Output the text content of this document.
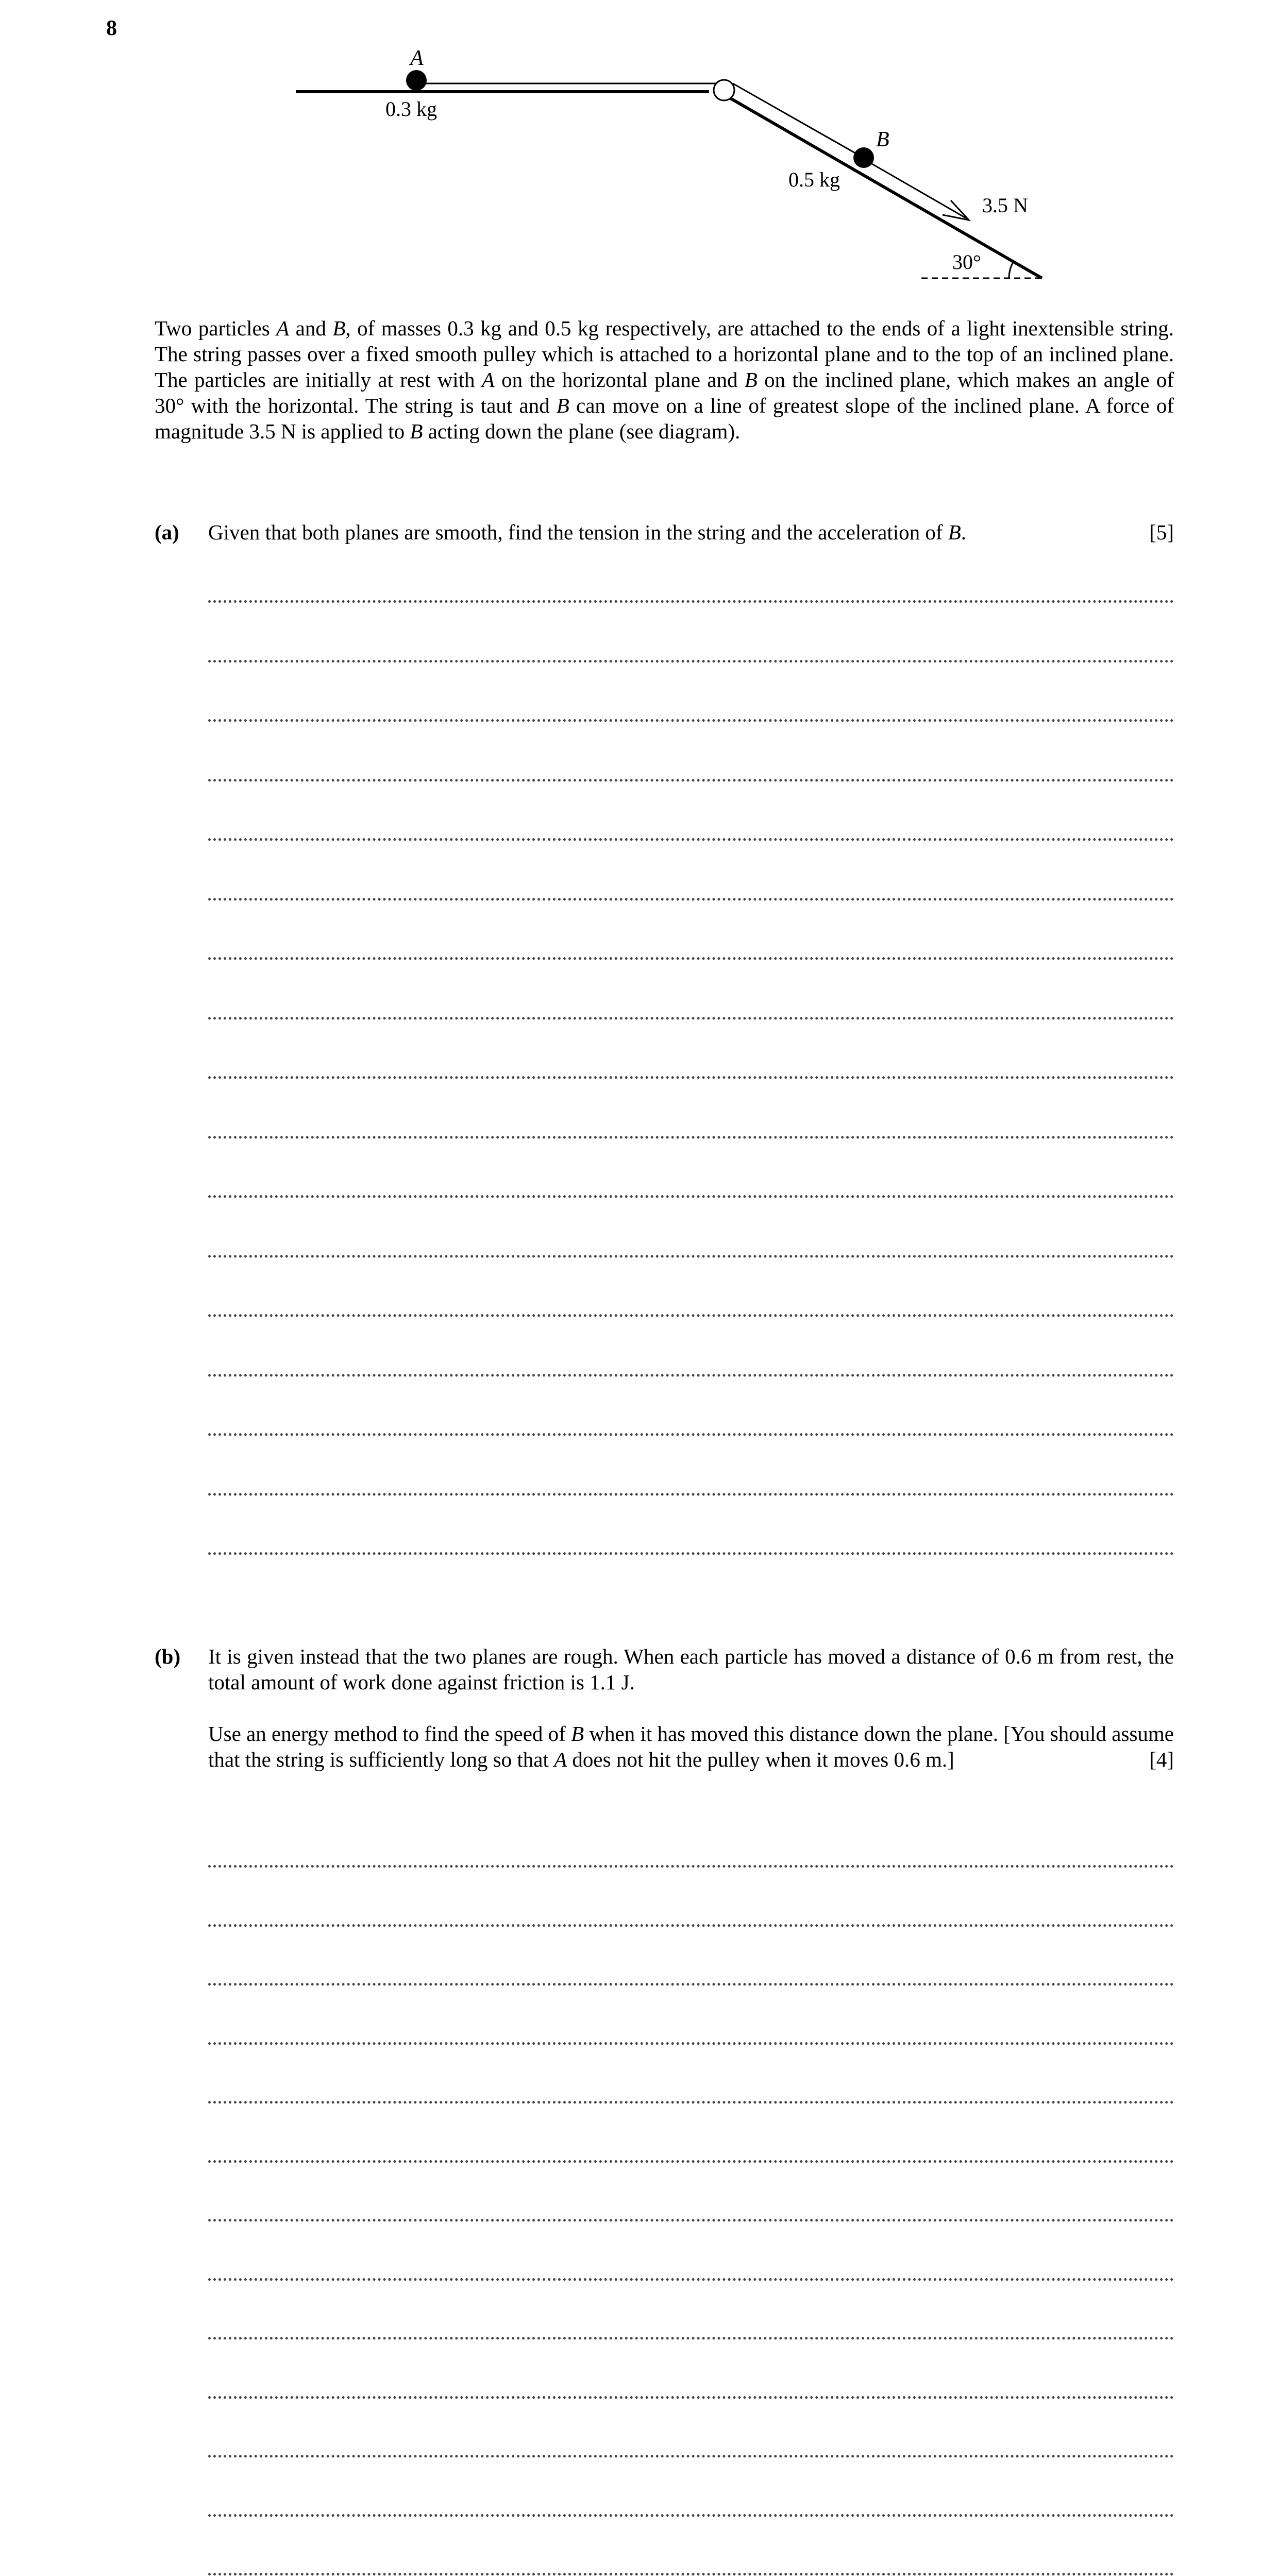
8
A
0.3 kg
B
0.5 kg
3.5 N
30°

Two particles A and B, of masses 0.3 kg and 0.5 kg respectively, are attached to the ends of a light inextensible string. The string passes over a fixed smooth pulley which is attached to a horizontal plane and to the top of an inclined plane. The particles are initially at rest with A on the horizontal plane and B on the inclined plane, which makes an angle of 30° with the horizontal. The string is taut and B can move on a line of greatest slope of the inclined plane. A force of magnitude 3.5 N is applied to B acting down the plane (see diagram).

(a) Given that both planes are smooth, find the tension in the string and the acceleration of B.	[5]

(b) It is given instead that the two planes are rough. When each particle has moved a distance of 0.6 m from rest, the total amount of work done against friction is 1.1 J.

Use an energy method to find the speed of B when it has moved this distance down the plane. [You should assume that the string is sufficiently long so that A does not hit the pulley when it moves 0.6 m.]	[4]
